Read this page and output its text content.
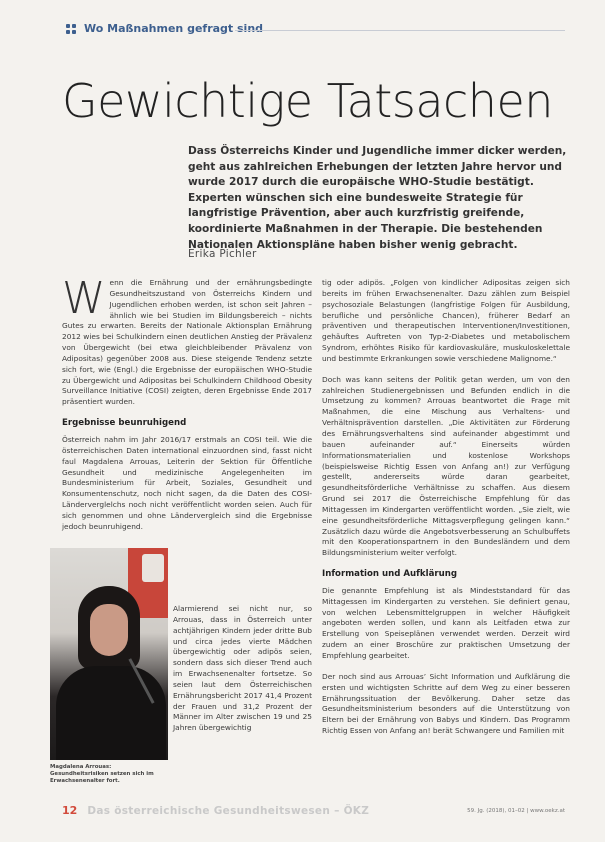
Wo Maßnahmen gefragt sind
Gewichtige Tatsachen

Dass Österreichs Kinder und Jugendliche immer dicker werden, geht aus zahlreichen Erhebungen der letzten Jahre hervor und wurde 2017 durch die europäische WHO-Studie bestätigt. Experten wünschen sich eine bundesweite Strategie für langfristige Prävention, aber auch kurzfristig greifende, koordinierte Maßnahmen in der Therapie. Die bestehenden Nationalen Aktionspläne haben bisher wenig gebracht.

Erika Pichler

W enn die Ernährung und der ernährungsbedingte Gesundheitszustand von Österreichs Kindern und Jugendlichen erhoben werden, ist schon seit Jahren – ähnlich wie bei Studien im Bildungsbereich – nichts Gutes zu erwarten. Bereits der Nationale Aktionsplan Ernährung 2012 wies bei Schulkindern einen deutlichen Anstieg der Prävalenz von Übergewicht (bei etwa gleichbleibender Prävalenz von Adipositas) gegenüber 2008 aus. Diese steigende Tendenz setzte sich fort, wie (Engl.) die Ergebnisse der europäischen WHO-Studie zu Übergewicht und Adipositas bei Schulkindern Childhood Obesity Surveillance Initiative (COSI) zeigten, deren Ergebnisse Ende 2017 präsentiert wurden.

Ergebnisse beunruhigend

Österreich nahm im Jahr 2016/17 erstmals an COSI teil. Wie die österreichischen Daten international einzuordnen sind, fasst nicht faul Magdalena Arrouas, Leiterin der Sektion für Öffentliche Gesundheit und medizinische Angelegenheiten im Bundesministerium für Arbeit, Soziales, Gesundheit und Konsumentenschutz, noch nicht sagen, da die Daten des COSI-Länderverglelchs noch nicht veröffentlicht worden seien. Auch für sich genommen und ohne Ländervergleich sind die Ergebnisse jedoch beunruhigend.

Alarmierend sei nicht nur, so Arrouas, dass in Österreich unter achtjährigen Kindern jeder dritte Bub und circa jedes vierte Mädchen übergewichtig oder adipös seien, sondern dass sich dieser Trend auch im Erwachsenenalter fortsetze. So seien laut dem Österreichischen Ernährungsbericht 2017 41,4 Prozent der Frauen und 31,2 Prozent der Männer im Alter zwischen 19 und 25 Jahren übergewichtig

Magdalena Arrouas: Gesundheitsrisiken setzen sich im Erwachsenenalter fort.

tig oder adipös. „Folgen von kindlicher Adipositas zeigen sich bereits im frühen Erwachsenenalter. Dazu zählen zum Beispiel psychosoziale Belastungen (langfristige Folgen für Ausbildung, berufliche und persönliche Chancen), früherer Bedarf an präventiven und therapeutischen Interventionen/Investitionen, gehäuftes Auftreten von Typ-2-Diabetes und metabolischem Syndrom, erhöhtes Risiko für kardiovaskuläre, muskuloskelettale und bestimmte Erkrankungen sowie verschiedene Malignome.“

Doch was kann seitens der Politik getan werden, um von den zahlreichen Studienergebnissen und Befunden endlich in die Umsetzung zu kommen? Arrouas beantwortet die Frage mit Maßnahmen, die eine Mischung aus Verhaltens- und Verhältnisprävention darstellen. „Die Aktivitäten zur Förderung des Ernährungsverhaltens sind aufeinander abgestimmt und bauen aufeinander auf.“ Einerseits würden Informationsmaterialien und kostenlose Workshops (beispielsweise Richtig Essen von Anfang an!) zur Verfügung gestellt, andererseits würde daran gearbeitet, gesundheitsförderliche Verhältnisse zu schaffen. Aus diesem Grund sei 2017 die Österreichische Empfehlung für das Mittagessen im Kindergarten veröffentlicht worden. „Sie zielt, wie eine gesundheitsförderliche Mittagsverpflegung gelingen kann.“ Zusätzlich dazu würde die Angebotsverbesserung an Schulbuffets mit den Kooperationspartnern in den Bundesländern und dem Bildungsministerium weiter verfolgt.

Information und Aufklärung

Die genannte Empfehlung ist als Mindeststandard für das Mittagessen im Kindergarten zu verstehen. Sie definiert genau, von welchen Lebensmittelgruppen in welcher Häufigkeit angeboten werden sollen, und kann als Leitfaden etwa zur Erstellung von Speiseplänen verwendet werden. Derzeit wird zudem an einer Broschüre zur praktischen Umsetzung der Empfehlung gearbeitet.

Der noch sind aus Arrouas’ Sicht Information und Aufklärung die ersten und wichtigsten Schritte auf dem Weg zu einer besseren Ernährungssituation der Bevölkerung. Daher setze das Gesundheitsministerium besonders auf die Unterstützung von Eltern bei der Ernährung von Babys und Kindern. Das Programm Richtig Essen von Anfang an! berät Schwangere und Familien mit

12 Das österreichische Gesundheitswesen – ÖKZ	59. Jg. (2018), 01–02 | www.oekz.at
